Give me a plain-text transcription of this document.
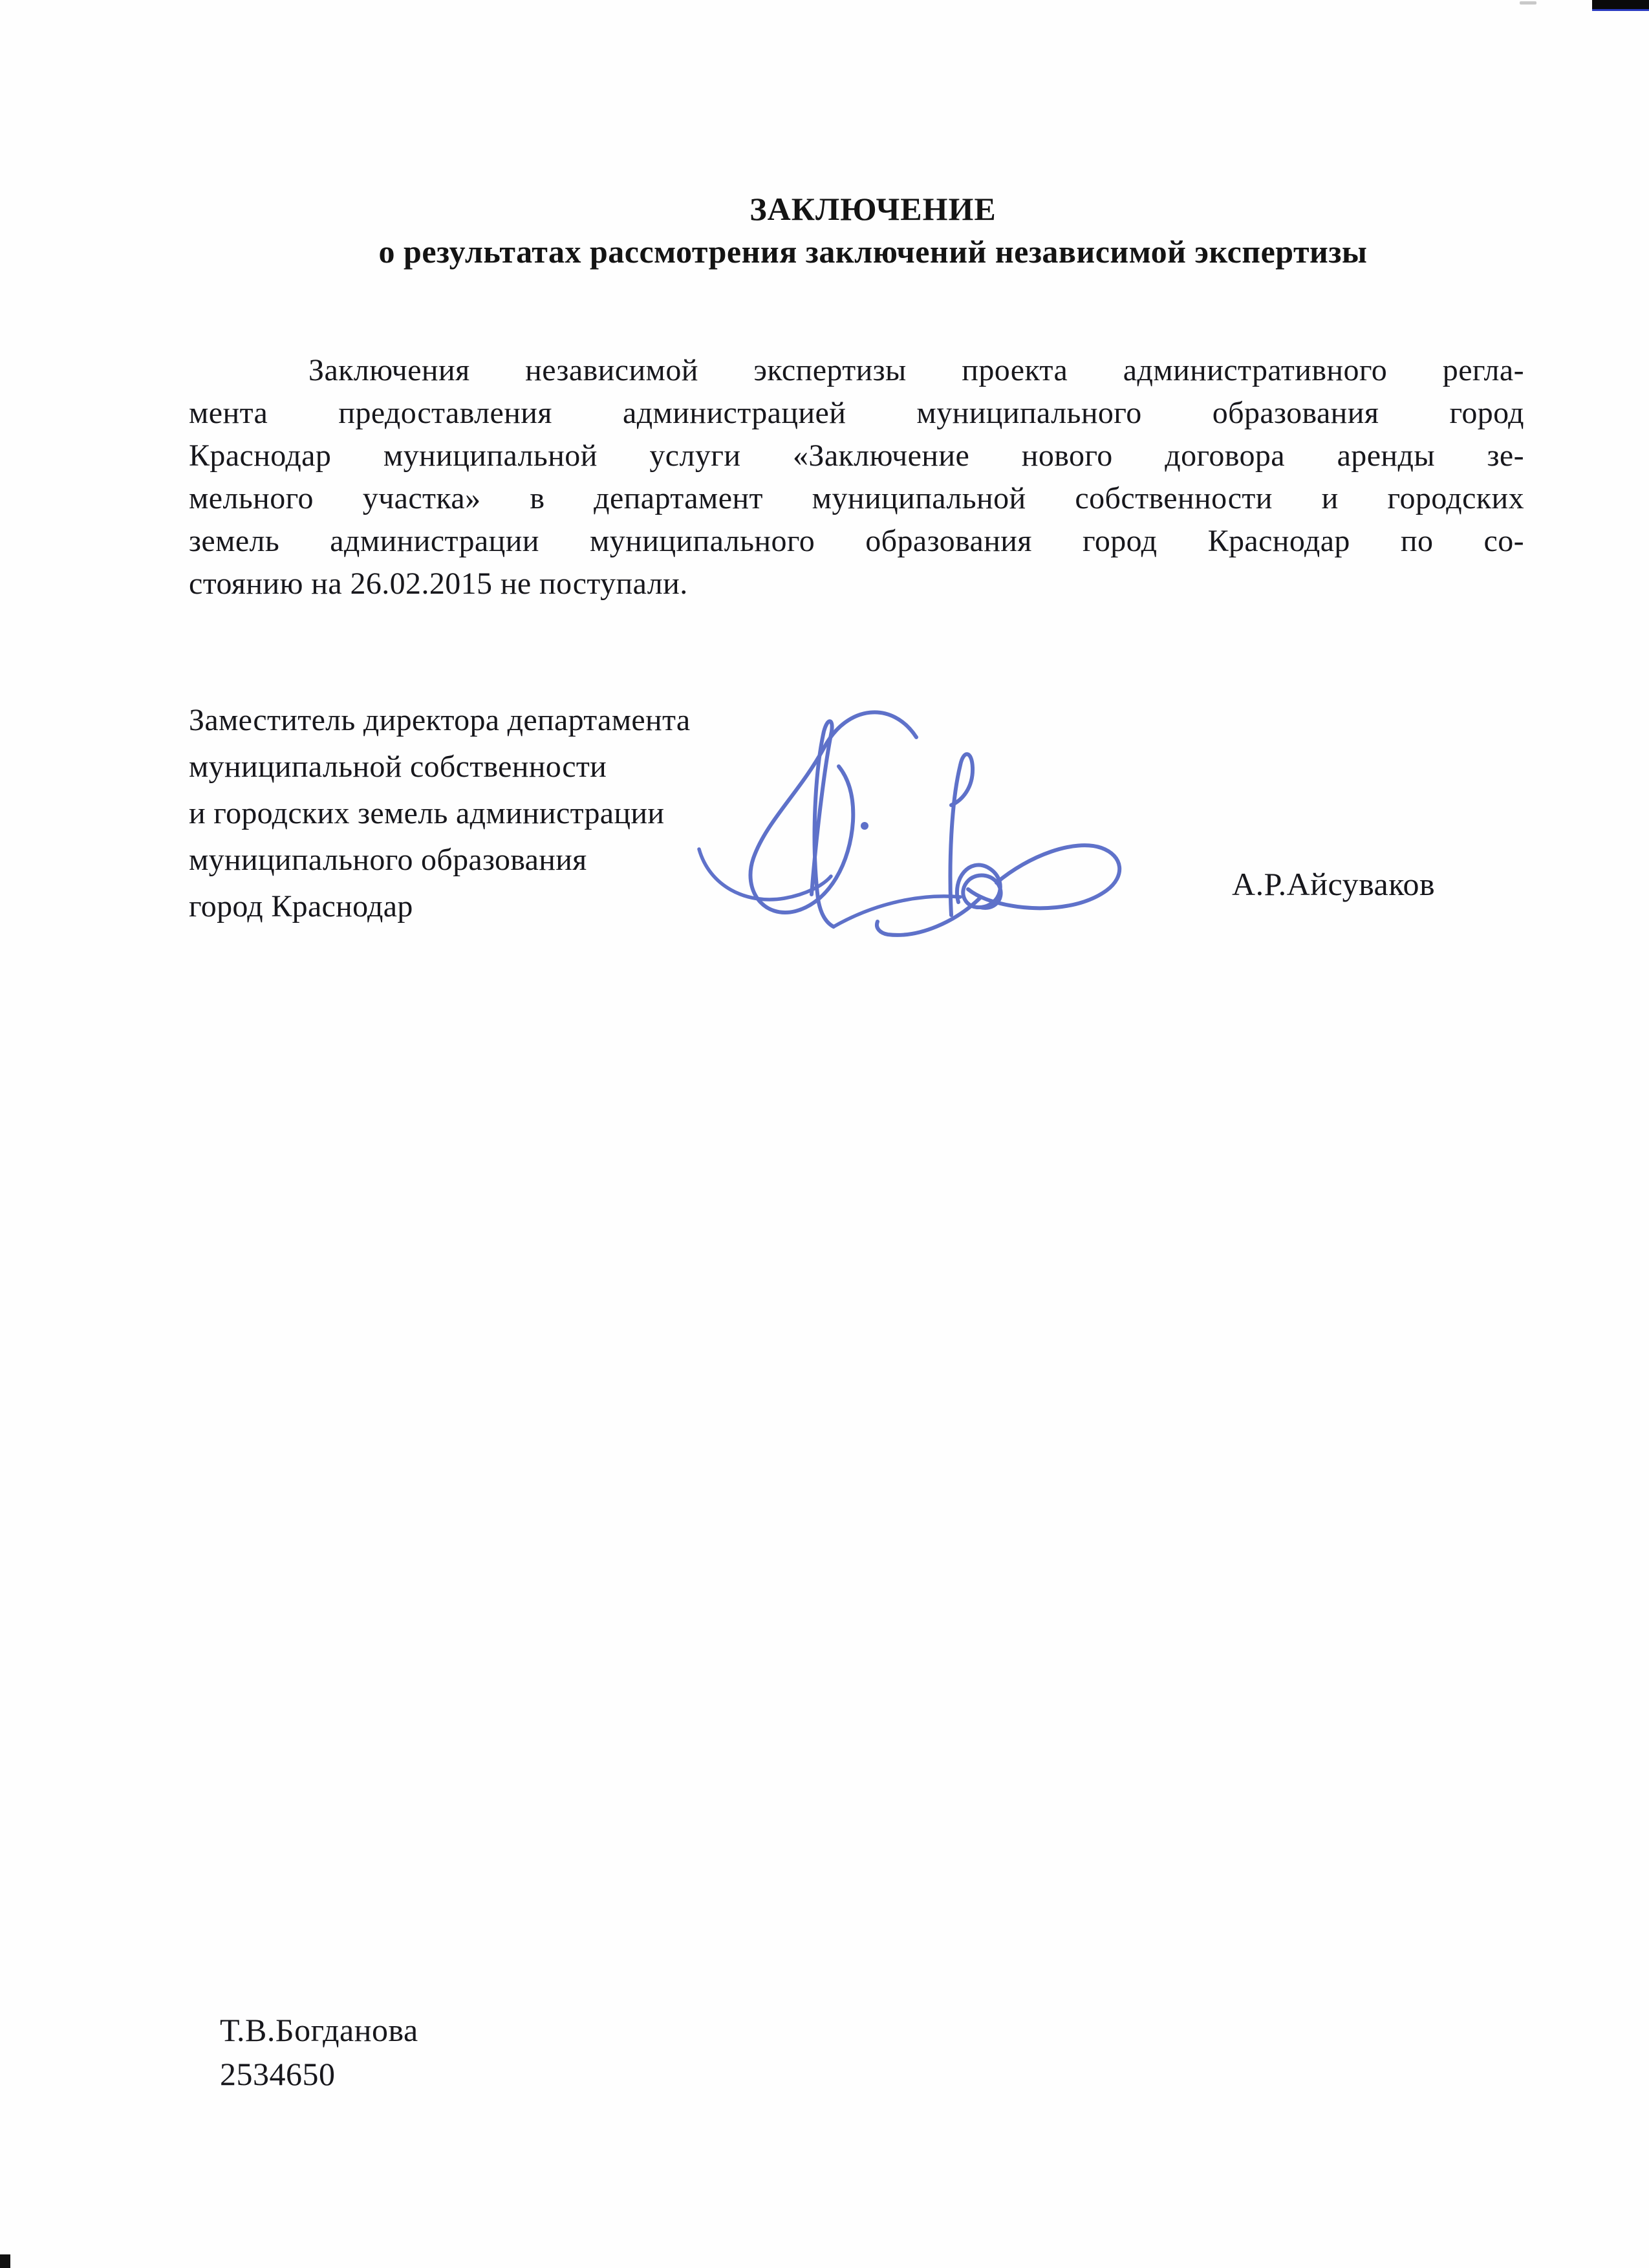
ЗАКЛЮЧЕНИЕ
о результатах рассмотрения заключений независимой экспертизы
Заключения независимой экспертизы проекта административного регла-
мента предоставления администрацией муниципального образования город
Краснодар муниципальной услуги «Заключение нового договора аренды зе-
мельного участка» в департамент муниципальной собственности и городских
земель администрации муниципального образования город Краснодар по со-
стоянию на 26.02.2015 не поступали.
Заместитель директора департамента
муниципальной собственности
и городских земель администрации
муниципального образования
город Краснодар
А.Р.Айсуваков
Т.В.Богданова
2534650
